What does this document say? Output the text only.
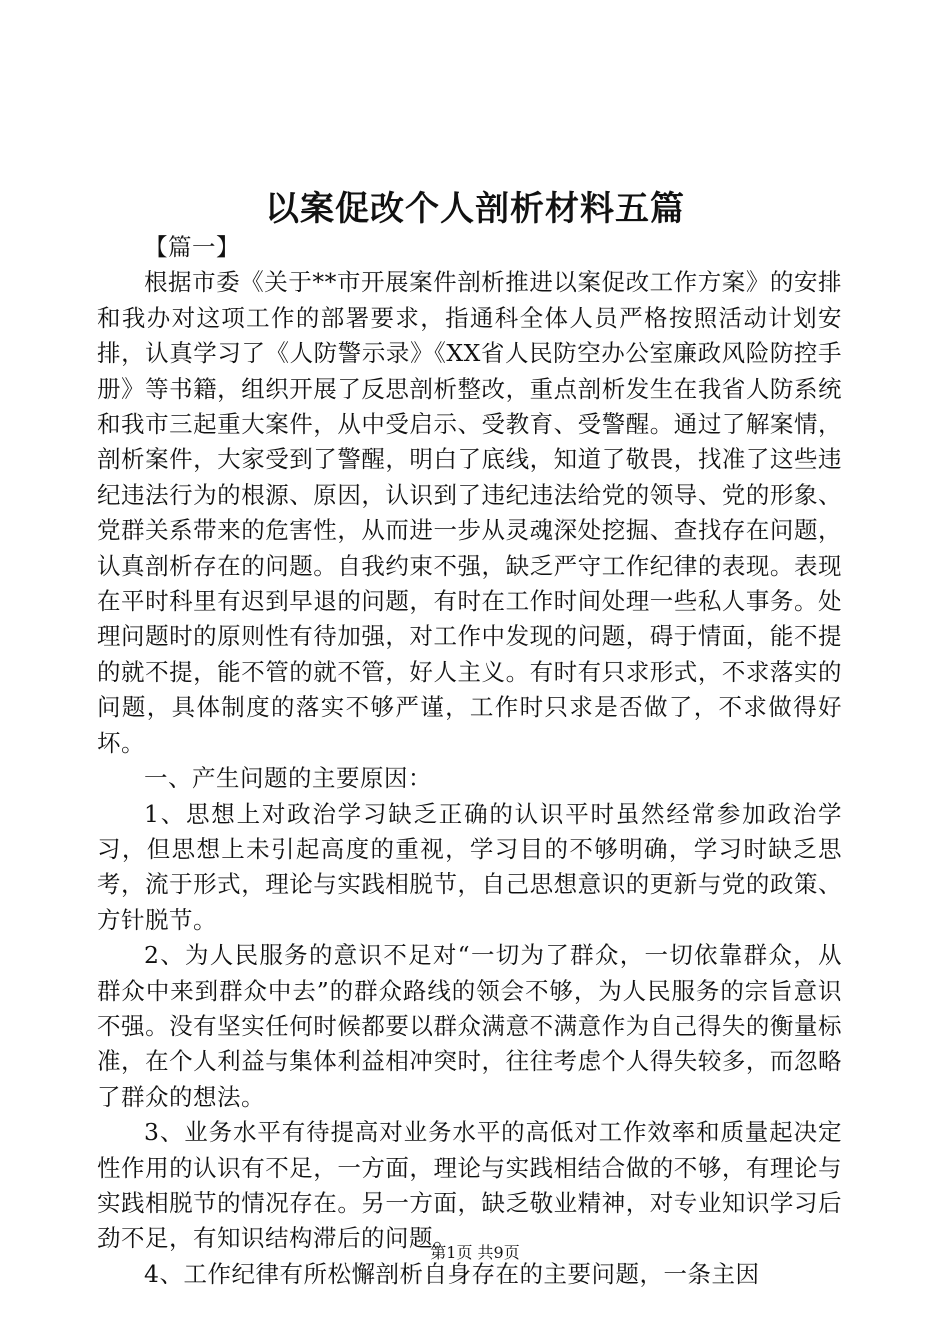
以案促改个人剖析材料五篇

【篇一】

根据市委《关于**市开展案件剖析推进以案促改工作方案》的安排和我办对这项工作的部署要求，指通科全体人员严格按照活动计划安排，认真学习了《人防警示录》《XX省人民防空办公室廉政风险防控手册》等书籍，组织开展了反思剖析整改，重点剖析发生在我省人防系统和我市三起重大案件，从中受启示、受教育、受警醒。通过了解案情，剖析案件，大家受到了警醒，明白了底线，知道了敬畏，找准了这些违纪违法行为的根源、原因，认识到了违纪违法给党的领导、党的形象、党群关系带来的危害性，从而进一步从灵魂深处挖掘、查找存在问题，认真剖析存在的问题。自我约束不强，缺乏严守工作纪律的表现。表现在平时科里有迟到早退的问题，有时在工作时间处理一些私人事务。处理问题时的原则性有待加强，对工作中发现的问题，碍于情面，能不提的就不提，能不管的就不管，好人主义。有时有只求形式，不求落实的问题，具体制度的落实不够严谨，工作时只求是否做了，不求做得好坏。

一、产生问题的主要原因：

1、思想上对政治学习缺乏正确的认识平时虽然经常参加政治学习，但思想上未引起高度的重视，学习目的不够明确，学习时缺乏思考，流于形式，理论与实践相脱节，自己思想意识的更新与党的政策、方针脱节。

2、为人民服务的意识不足对“一切为了群众，一切依靠群众，从群众中来到群众中去”的群众路线的领会不够，为人民服务的宗旨意识不强。没有坚实任何时候都要以群众满意不满意作为自己得失的衡量标准，在个人利益与集体利益相冲突时，往往考虑个人得失较多，而忽略了群众的想法。

3、业务水平有待提高对业务水平的高低对工作效率和质量起决定性作用的认识有不足，一方面，理论与实践相结合做的不够，有理论与实践相脱节的情况存在。另一方面，缺乏敬业精神，对专业知识学习后劲不足，有知识结构滞后的问题。

4、工作纪律有所松懈剖析自身存在的主要问题，一条主因

第1页 共9页
